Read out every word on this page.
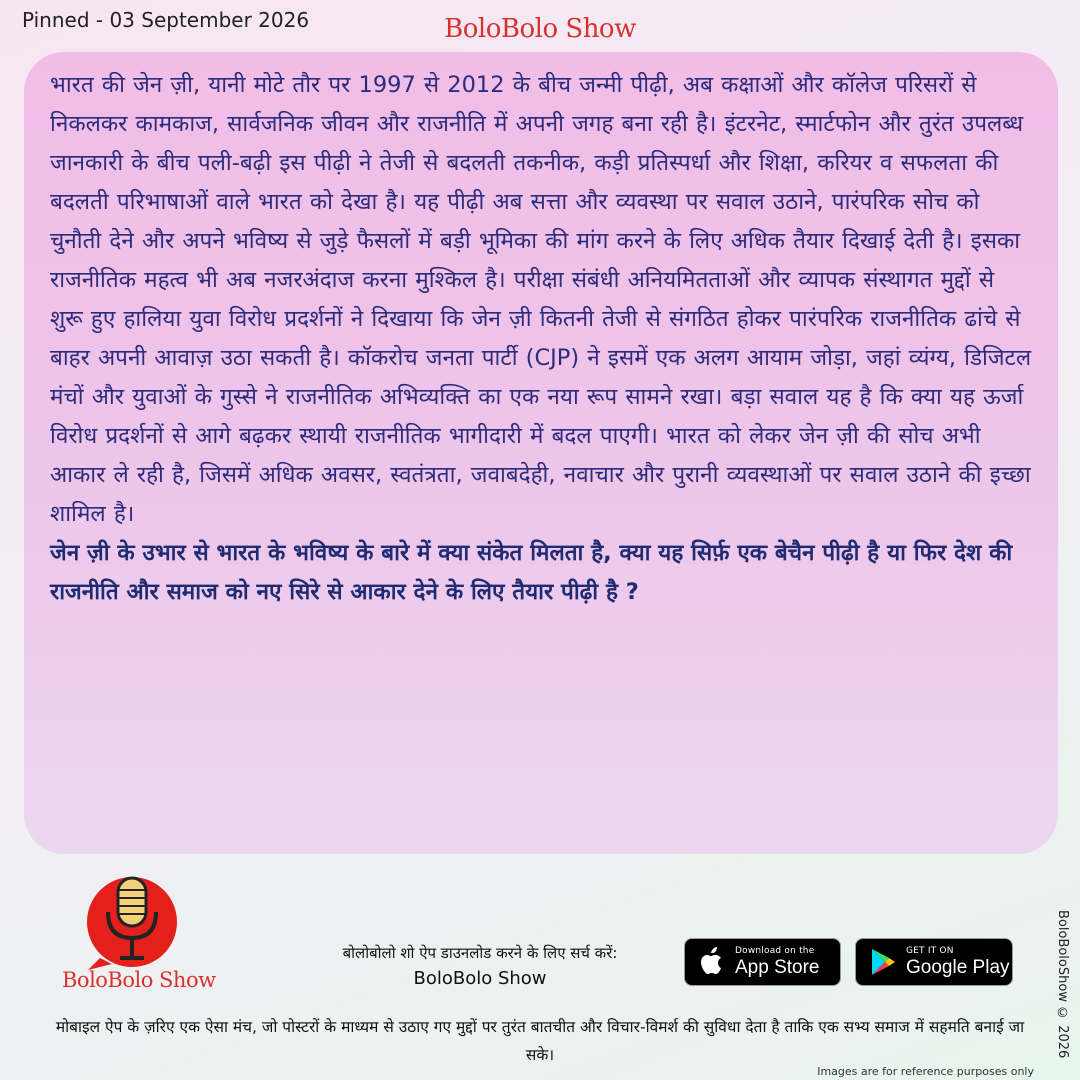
Pinned - 03 September 2026	BoloBolo Show

भारत की जेन ज़ी, यानी मोटे तौर पर 1997 से 2012 के बीच जन्मी पीढ़ी, अब कक्षाओं और कॉलेज परिसरों से निकलकर कामकाज, सार्वजनिक जीवन और राजनीति में अपनी जगह बना रही है। इंटरनेट, स्मार्टफोन और तुरंत उपलब्ध जानकारी के बीच पली-बढ़ी इस पीढ़ी ने तेजी से बदलती तकनीक, कड़ी प्रतिस्पर्धा और शिक्षा, करियर व सफलता की बदलती परिभाषाओं वाले भारत को देखा है। यह पीढ़ी अब सत्ता और व्यवस्था पर सवाल उठाने, पारंपरिक सोच को चुनौती देने और अपने भविष्य से जुड़े फैसलों में बड़ी भूमिका की मांग करने के लिए अधिक तैयार दिखाई देती है। इसका राजनीतिक महत्व भी अब नजरअंदाज करना मुश्किल है। परीक्षा संबंधी अनियमितताओं और व्यापक संस्थागत मुद्दों से शुरू हुए हालिया युवा विरोध प्रदर्शनों ने दिखाया कि जेन ज़ी कितनी तेजी से संगठित होकर पारंपरिक राजनीतिक ढांचे से बाहर अपनी आवाज़ उठा सकती है। कॉकरोच जनता पार्टी (CJP) ने इसमें एक अलग आयाम जोड़ा, जहां व्यंग्य, डिजिटल मंचों और युवाओं के गुस्से ने राजनीतिक अभिव्यक्ति का एक नया रूप सामने रखा। बड़ा सवाल यह है कि क्या यह ऊर्जा विरोध प्रदर्शनों से आगे बढ़कर स्थायी राजनीतिक भागीदारी में बदल पाएगी। भारत को लेकर जेन ज़ी की सोच अभी आकार ले रही है, जिसमें अधिक अवसर, स्वतंत्रता, जवाबदेही, नवाचार और पुरानी व्यवस्थाओं पर सवाल उठाने की इच्छा शामिल है।

जेन ज़ी के उभार से भारत के भविष्य के बारे में क्या संकेत मिलता है, क्या यह सिर्फ़ एक बेचैन पीढ़ी है या फिर देश की राजनीति और समाज को नए सिरे से आकार देने के लिए तैयार पीढ़ी है ?

BoloBolo Show
बोलोबोलो शो ऐप डाउनलोड करने के लिए सर्च करें:
BoloBolo Show
Download on the
App Store
GET IT ON
Google Play
मोबाइल ऐप के ज़रिए एक ऐसा मंच, जो पोस्टरों के माध्यम से उठाए गए मुद्दों पर तुरंत बातचीत और विचार-विमर्श की सुविधा देता है ताकि एक सभ्य समाज में सहमति बनाई जा सके।	BoloBoloShow © 2026
Images are for reference purposes only
